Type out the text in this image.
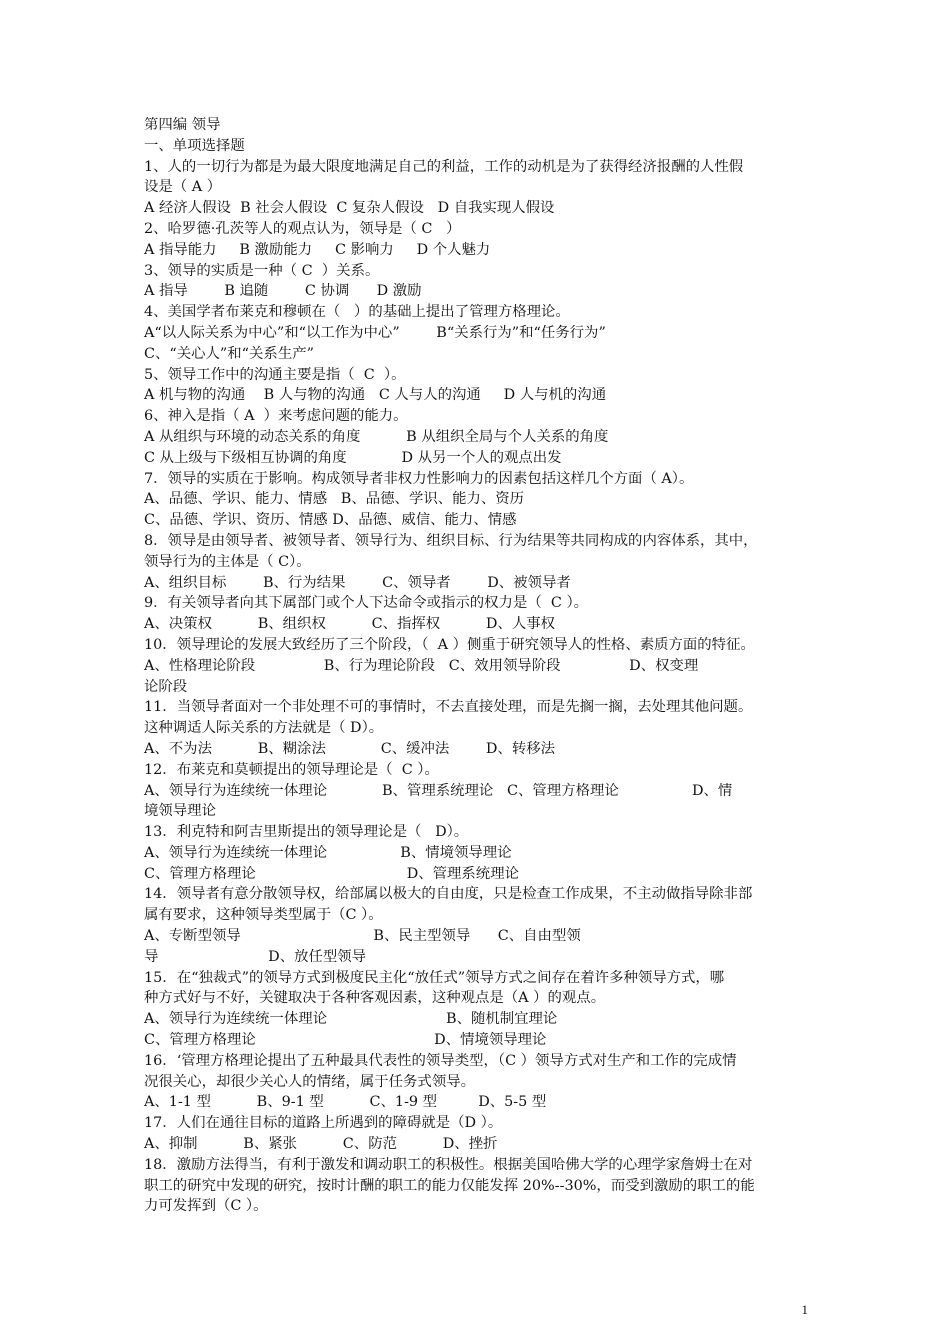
第四编 领导
一、单项选择题
1、人的一切行为都是为最大限度地满足自己的利益，工作的动机是为了获得经济报酬的人性假
设是（ A ）
A 经济人假设  B 社会人假设  C 复杂人假设   D 自我实现人假设
2、哈罗德·孔茨等人的观点认为，领导是（ C   ）
A 指导能力     B 激励能力     C 影响力     D 个人魅力
3、领导的实质是一种（ C  ）关系。
A 指导        B 追随        C 协调      D 激励
4、美国学者布莱克和穆顿在（   ）的基础上提出了管理方格理论。
A“以人际关系为中心”和“以工作为中心”        B“关系行为”和“任务行为”
C、“关心人”和“关系生产”
5、领导工作中的沟通主要是指（  C  ）。
A 机与物的沟通    B 人与物的沟通   C 人与人的沟通     D 人与机的沟通
6、神入是指（ A  ）来考虑问题的能力。
A 从组织与环境的动态关系的角度          B 从组织全局与个人关系的角度
C 从上级与下级相互协调的角度            D 从另一个人的观点出发
7．领导的实质在于影响。构成领导者非权力性影响力的因素包括这样几个方面（ A）。
A、品德、学识、能力、情感   B、品德、学识、能力、资历
C、品德、学识、资历、情感 D、品德、威信、能力、情感
8．领导是由领导者、被领导者、领导行为、组织目标、行为结果等共同构成的内容体系，其中，
领导行为的主体是（ C）。
A、组织目标        B、行为结果        C、领导者        D、被领导者
9．有关领导者向其下属部门或个人下达命令或指示的权力是（  C ）。
A、决策权          B、组织权          C、指挥权          D、人事权
10．领导理论的发展大致经历了三个阶段，（  A ）侧重于研究领导人的性格、素质方面的特征。
A、性格理论阶段               B、行为理论阶段   C、效用领导阶段               D、权变理
论阶段
11．当领导者面对一个非处理不可的事情时，不去直接处理，而是先搁一搁，去处理其他问题。
这种调适人际关系的方法就是（ D）。
A、不为法          B、糊涂法            C、缓冲法        D、转移法
12．布莱克和莫顿提出的领导理论是（  C ）。
A、领导行为连续统一体理论            B、管理系统理论   C、管理方格理论                D、情
境领导理论
13．利克特和阿吉里斯提出的领导理论是（   D）。
A、领导行为连续统一体理论                B、情境领导理论
C、管理方格理论                                 D、管理系统理论
14．领导者有意分散领导权，给部属以极大的自由度，只是检查工作成果，不主动做指导除非部
属有要求，这种领导类型属于（C ）。
A、专断型领导                             B、民主型领导      C、自由型领
导                        D、放任型领导
15．在“独裁式”的领导方式到极度民主化“放任式”领导方式之间存在着许多种领导方式，哪
种方式好与不好，关键取决于各种客观因素，这种观点是（A ）的观点。
A、领导行为连续统一体理论                          B、随机制宜理论
C、管理方格理论                                       D、情境领导理论
16．‘管理方格理论提出了五种最具代表性的领导类型，（C ）领导方式对生产和工作的完成情
况很关心，却很少关心人的情绪，属于任务式领导。
A、1-1 型          B、9-1 型          C、1-9 型         D、5-5 型
17．人们在通往目标的道路上所遇到的障碍就是（D ）。
A、抑制          B、紧张          C、防范          D、挫折
18．激励方法得当，有利于激发和调动职工的积极性。根据美国哈佛大学的心理学家詹姆士在对
职工的研究中发现的研究，按时计酬的职工的能力仅能发挥 20%--30%，而受到激励的职工的能
力可发挥到（C ）。
1
